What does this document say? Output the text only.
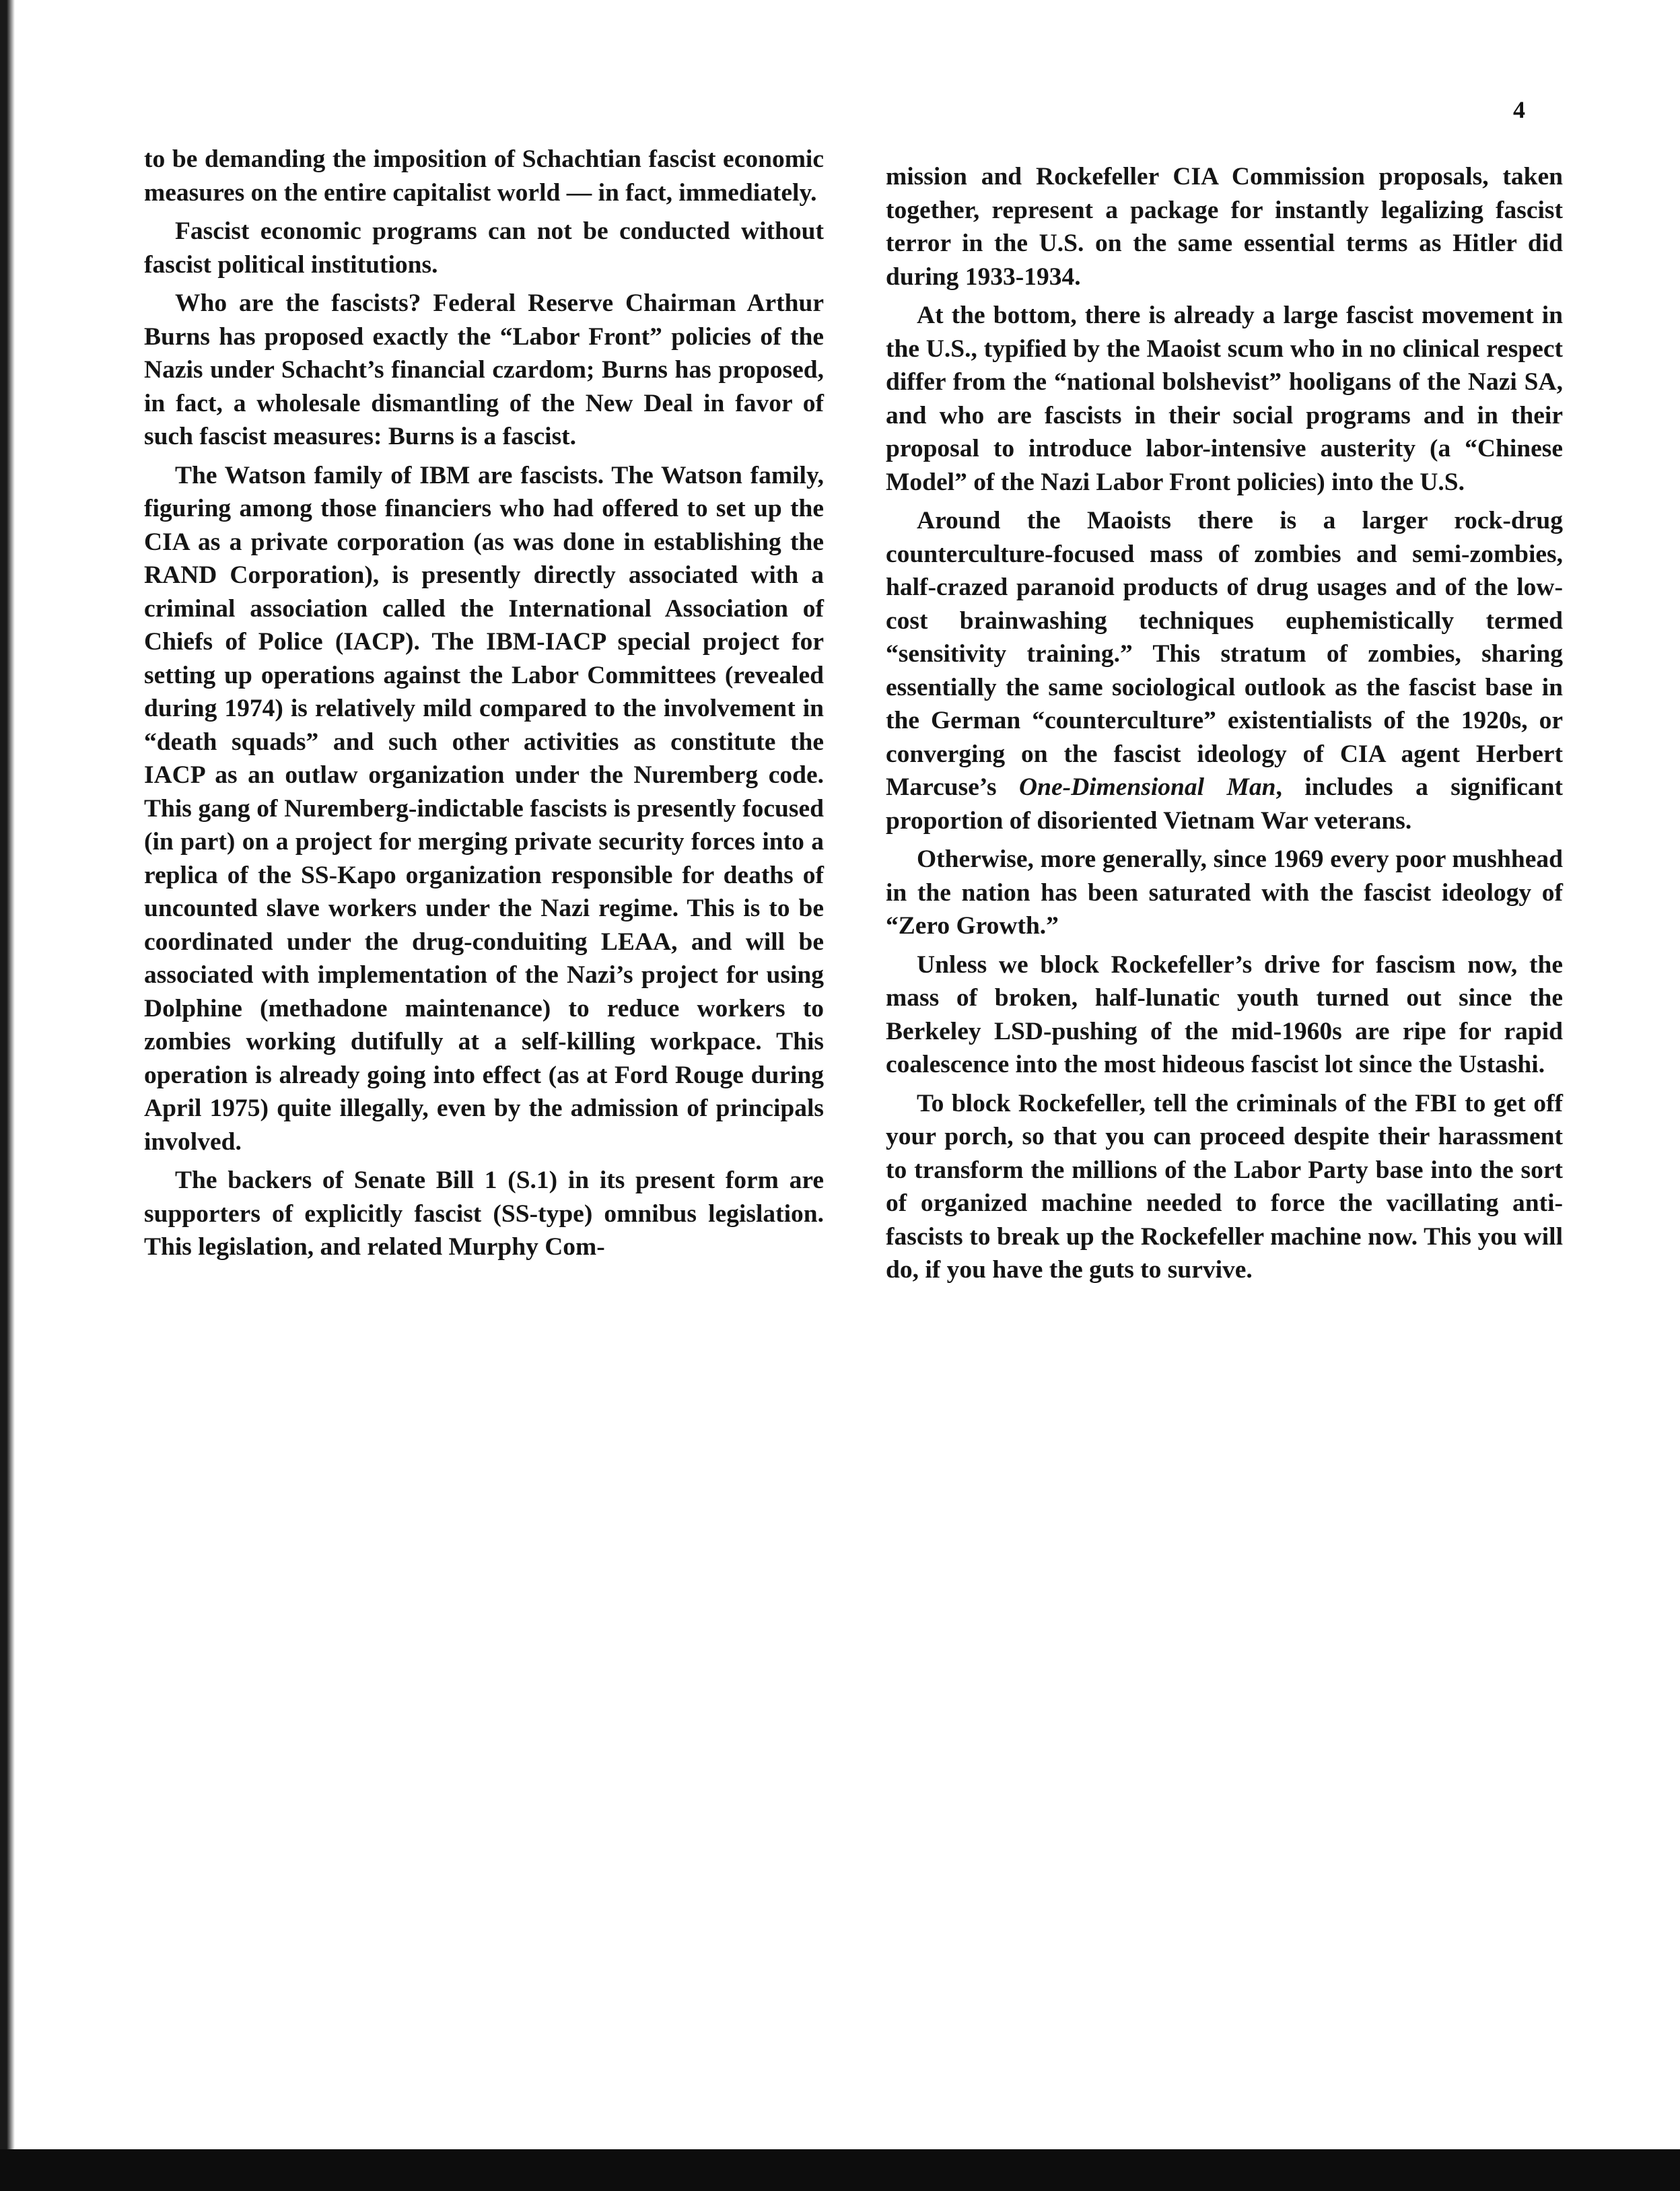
4

to be demanding the imposition of Schachtian fascist economic measures on the entire capitalist world — in fact, immediately.

Fascist economic programs can not be conducted without fascist political institutions.

Who are the fascists? Federal Reserve Chairman Arthur Burns has proposed exactly the “Labor Front” policies of the Nazis under Schacht’s financial czardom; Burns has proposed, in fact, a wholesale dismantling of the New Deal in favor of such fascist measures: Burns is a fascist.

The Watson family of IBM are fascists. The Watson family, figuring among those financiers who had offered to set up the CIA as a private corporation (as was done in establishing the RAND Corporation), is presently directly associated with a criminal association called the International Association of Chiefs of Police (IACP). The IBM-IACP special project for setting up operations against the Labor Committees (revealed during 1974) is relatively mild compared to the involvement in “death squads” and such other activities as constitute the IACP as an outlaw organization under the Nuremberg code. This gang of Nuremberg-indictable fascists is presently focused (in part) on a project for merging private security forces into a replica of the SS-Kapo organization responsible for deaths of uncounted slave workers under the Nazi regime. This is to be coordinated under the drug-conduiting LEAA, and will be associated with implementation of the Nazi’s project for using Dolphine (methadone maintenance) to reduce workers to zombies working dutifully at a self-killing workpace. This operation is already going into effect (as at Ford Rouge during April 1975) quite illegally, even by the admission of principals involved.

The backers of Senate Bill 1 (S.1) in its present form are supporters of explicitly fascist (SS-type) omnibus legislation. This legislation, and related Murphy Com-

mission and Rockefeller CIA Commission proposals, taken together, represent a package for instantly legalizing fascist terror in the U.S. on the same essential terms as Hitler did during 1933-1934.

At the bottom, there is already a large fascist movement in the U.S., typified by the Maoist scum who in no clinical respect differ from the “national bolshevist” hooligans of the Nazi SA, and who are fascists in their social programs and in their proposal to introduce labor-intensive austerity (a “Chinese Model” of the Nazi Labor Front policies) into the U.S.

Around the Maoists there is a larger rock-drug counterculture-focused mass of zombies and semi-zombies, half-crazed paranoid products of drug usages and of the low-cost brainwashing techniques euphemistically termed “sensitivity training.” This stratum of zombies, sharing essentially the same sociological outlook as the fascist base in the German “counterculture” existentialists of the 1920s, or converging on the fascist ideology of CIA agent Herbert Marcuse’s One-Dimensional Man, includes a significant proportion of disoriented Vietnam War veterans.

Otherwise, more generally, since 1969 every poor mushhead in the nation has been saturated with the fascist ideology of “Zero Growth.”

Unless we block Rockefeller’s drive for fascism now, the mass of broken, half-lunatic youth turned out since the Berkeley LSD-pushing of the mid-1960s are ripe for rapid coalescence into the most hideous fascist lot since the Ustashi.

To block Rockefeller, tell the criminals of the FBI to get off your porch, so that you can proceed despite their harassment to transform the millions of the Labor Party base into the sort of organized machine needed to force the vacillating anti-fascists to break up the Rockefeller machine now. This you will do, if you have the guts to survive.
